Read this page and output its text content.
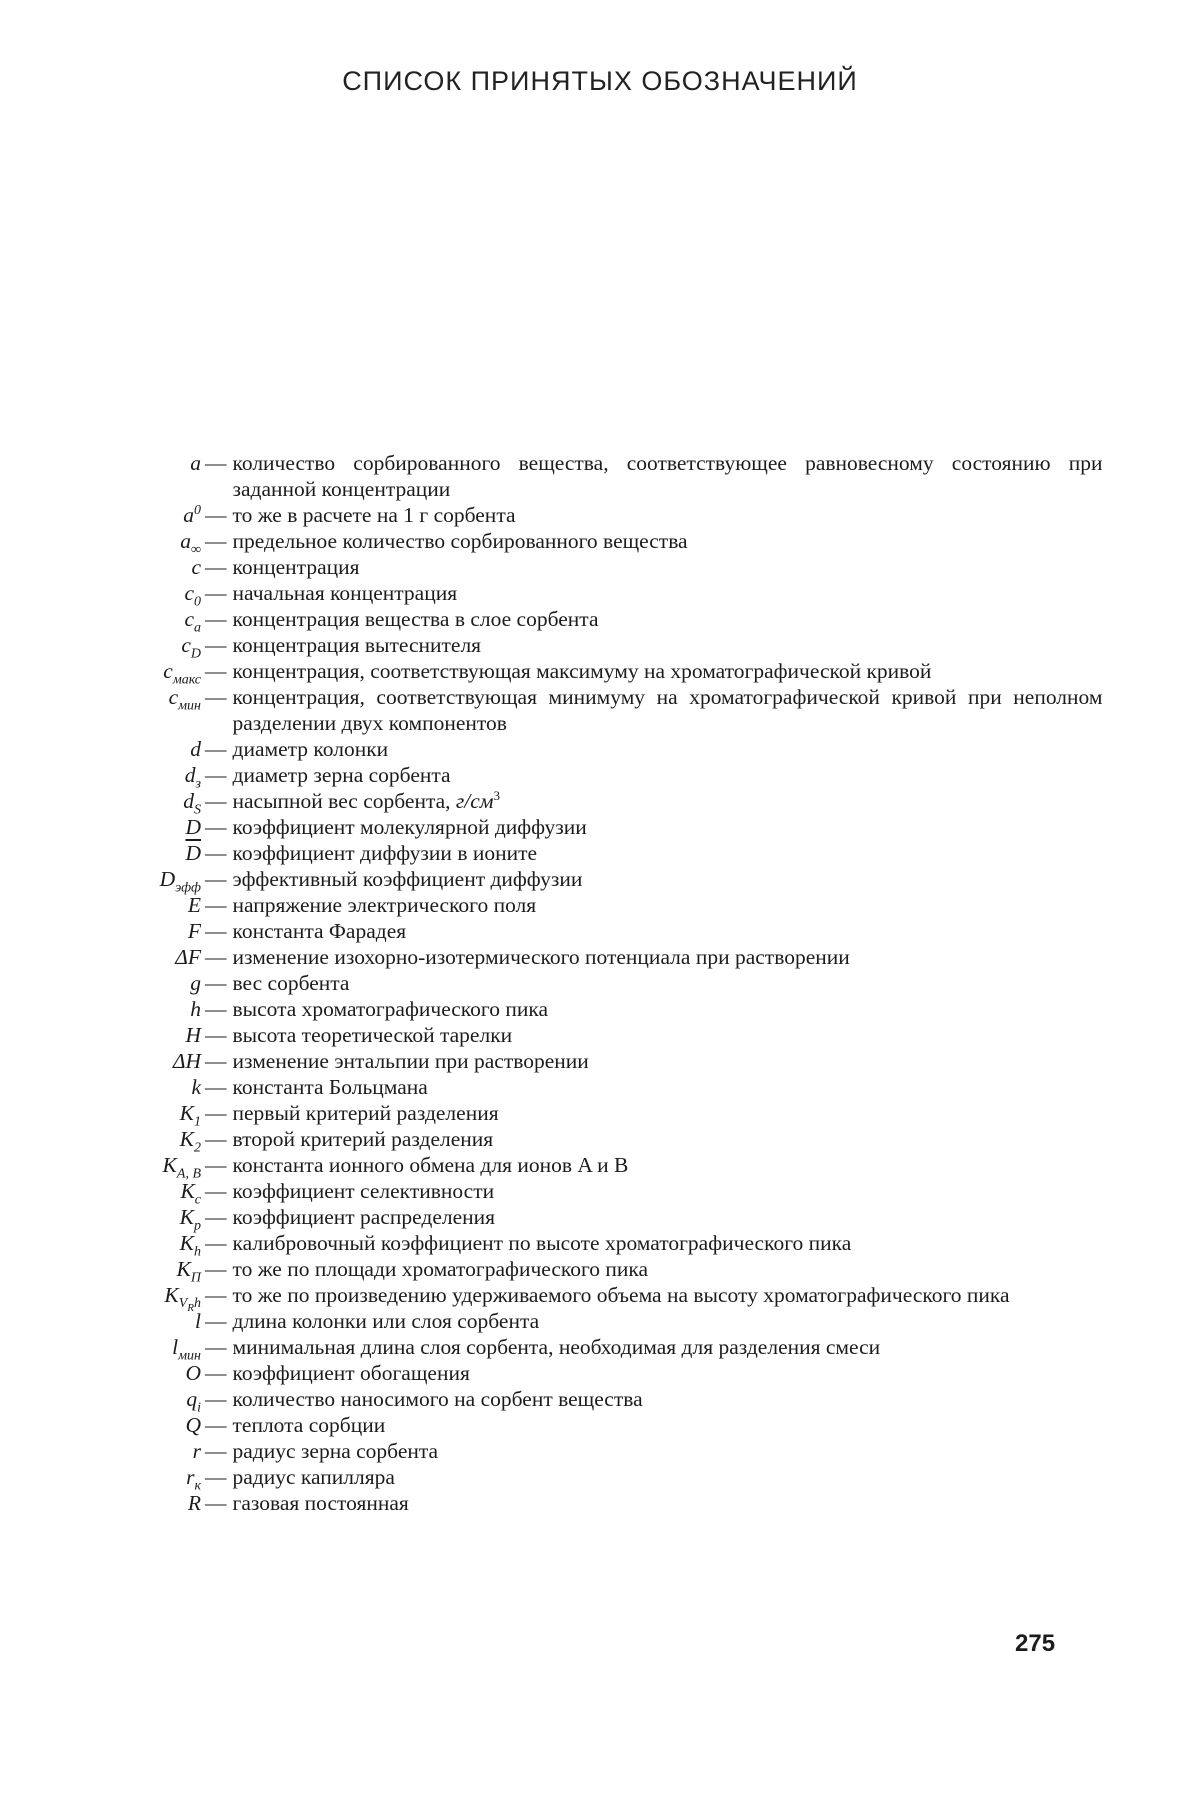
СПИСОК ПРИНЯТЫХ ОБОЗНАЧЕНИЙ
a — количество сорбированного вещества, соответствующее равновесному состоянию при заданной концентрации
$a^0$ — то же в расчете на 1 г сорбента
$a_\infty$ — предельное количество сорбированного вещества
c — концентрация
$c_0$ — начальная концентрация
$c_a$ — концентрация вещества в слое сорбента
$c_D$ — концентрация вытеснителя
$c_{макс}$ — концентрация, соответствующая максимуму на хроматографической кривой
$c_{мин}$ — концентрация, соответствующая минимуму на хроматографической кривой при неполном разделении двух компонентов
d — диаметр колонки
$d_з$ — диаметр зерна сорбента
$d_S$ — насыпной вес сорбента, $г/см^3$
D — коэффициент молекулярной диффузии
$\overline{D}$ — коэффициент диффузии в ионите
$D_{эфф}$ — эффективный коэффициент диффузии
E — напряжение электрического поля
F — константа Фарадея
ΔF — изменение изохорно-изотермического потенциала при растворении
g — вес сорбента
h — высота хроматографического пика
H — высота теоретической тарелки
ΔH — изменение энтальпии при растворении
k — константа Больцмана
$K_1$ — первый критерий разделения
$K_2$ — второй критерий разделения
$K_{A, B}$ — константа ионного обмена для ионов A и B
$K_c$ — коэффициент селективности
$K_p$ — коэффициент распределения
$K_h$ — калибровочный коэффициент по высоте хроматографического пика
$K_П$ — то же по площади хроматографического пика
$K_{V_Rh}$ — то же по произведению удерживаемого объема на высоту хроматографического пика
l — длина колонки или слоя сорбента
$l_{мин}$ — минимальная длина слоя сорбента, необходимая для разделения смеси
O — коэффициент обогащения
$q_i$ — количество наносимого на сорбент вещества
Q — теплота сорбции
r — радиус зерна сорбента
$r_к$ — радиус капилляра
R — газовая постоянная
275
